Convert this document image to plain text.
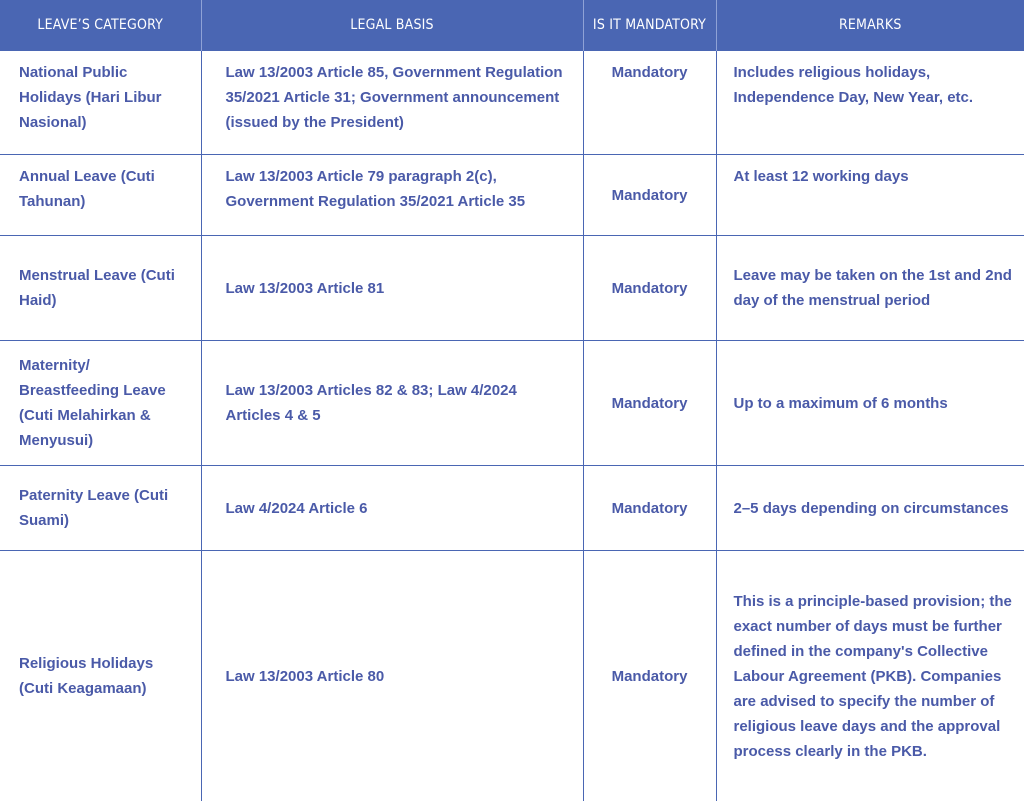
LEAVE’S CATEGORY	LEGAL BASIS	IS IT MANDATORY	REMARKS
National Public Holidays (Hari Libur Nasional)	Law 13/2003 Article 85, Government Regulation 35/2021 Article 31; Government announcement (issued by the President)	Mandatory	Includes religious holidays, Independence Day, New Year, etc.
Annual Leave (Cuti Tahunan)	Law 13/2003 Article 79 paragraph 2(c), Government Regulation 35/2021 Article 35	Mandatory	At least 12 working days
Menstrual Leave (Cuti Haid)	Law 13/2003 Article 81	Mandatory	Leave may be taken on the 1st and 2nd day of the menstrual period
Maternity/ Breastfeeding Leave (Cuti Melahirkan & Menyusui)	Law 13/2003 Articles 82 & 83; Law 4/2024 Articles 4 & 5	Mandatory	Up to a maximum of 6 months
Paternity Leave (Cuti Suami)	Law 4/2024 Article 6	Mandatory	2–5 days depending on circumstances
Religious Holidays (Cuti Keagamaan)	Law 13/2003 Article 80	Mandatory	This is a principle-based provision; the exact number of days must be further defined in the company's Collective Labour Agreement (PKB). Companies are advised to specify the number of religious leave days and the approval process clearly in the PKB.
